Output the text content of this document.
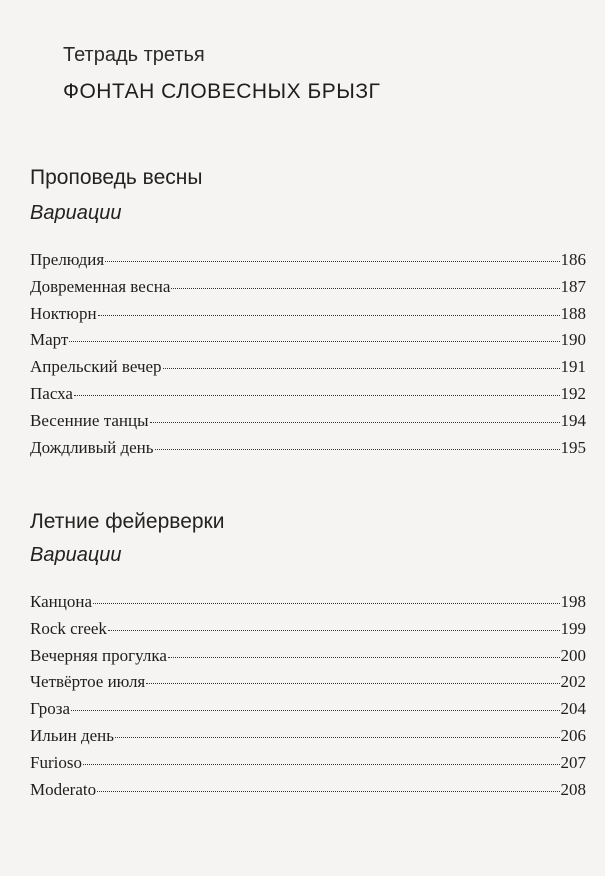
Тетрадь третья
ФОНТАН СЛОВЕСНЫХ БРЫЗГ
Проповедь весны
Вариации
Прелюдия	186
Довременная весна	187
Ноктюрн	188
Март	190
Апрельский вечер	191
Пасха	192
Весенние танцы	194
Дождливый день	195
Летние фейерверки
Вариации
Канцона	198
Rock creek	199
Вечерняя прогулка	200
Четвёртое июля	202
Гроза	204
Ильин день	206
Furioso	207
Moderato	208
